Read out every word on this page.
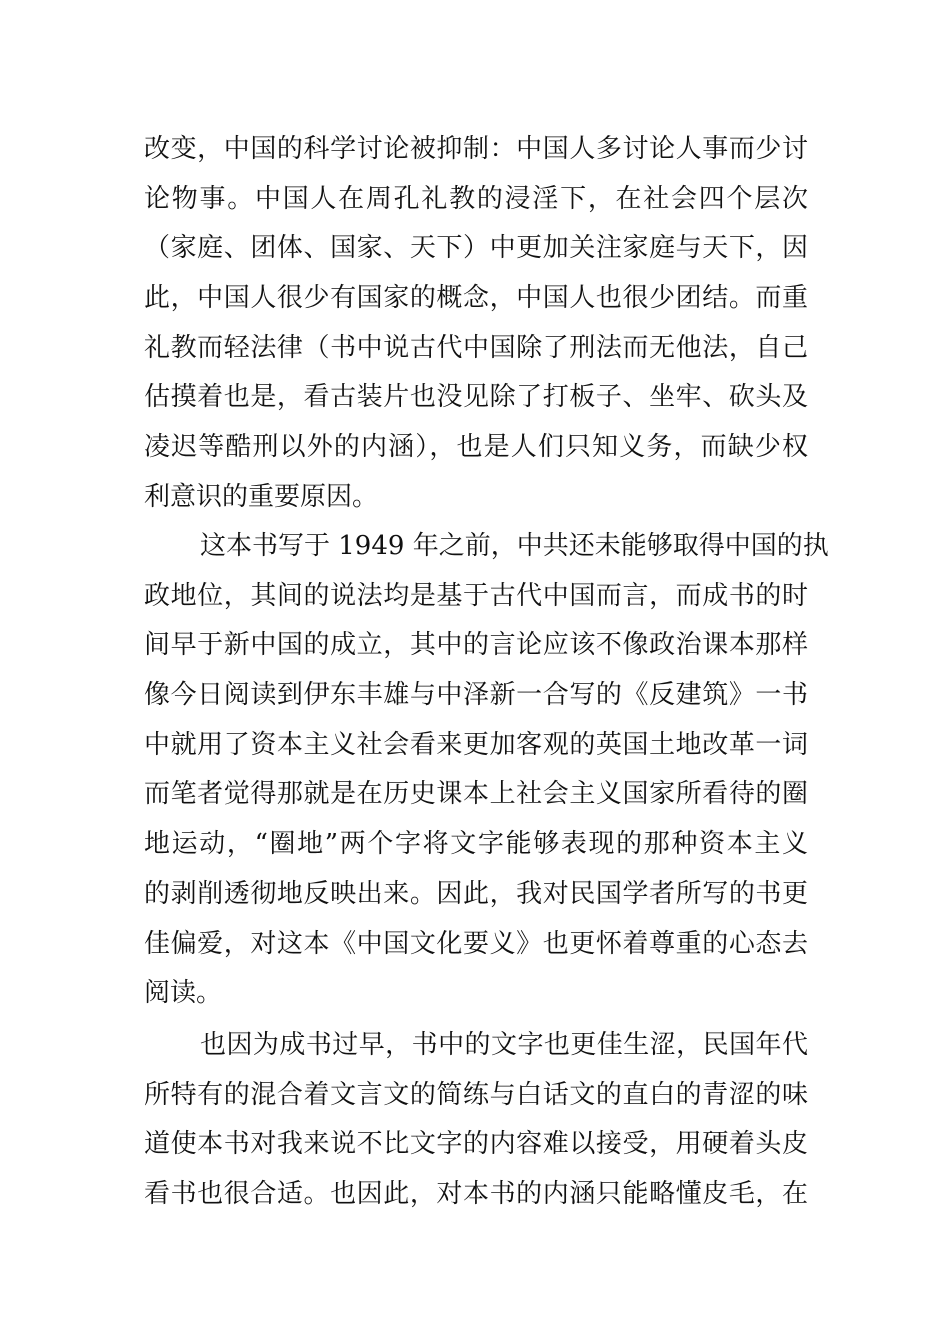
改变，中国的科学讨论被抑制：中国人多讨论人事而少讨
论物事。中国人在周孔礼教的浸淫下，在社会四个层次
（家庭、团体、国家、天下）中更加关注家庭与天下，因
此，中国人很少有国家的概念，中国人也很少团结。而重
礼教而轻法律（书中说古代中国除了刑法而无他法，自己
估摸着也是，看古装片也没见除了打板子、坐牢、砍头及
凌迟等酷刑以外的内涵），也是人们只知义务，而缺少权
利意识的重要原因。
这本书写于 1949 年之前，中共还未能够取得中国的执
政地位，其间的说法均是基于古代中国而言，而成书的时
间早于新中国的成立，其中的言论应该不像政治课本那样
像今日阅读到伊东丰雄与中泽新一合写的《反建筑》一书
中就用了资本主义社会看来更加客观的英国土地改革一词
而笔者觉得那就是在历史课本上社会主义国家所看待的圈
地运动，“圈地”两个字将文字能够表现的那种资本主义
的剥削透彻地反映出来。因此，我对民国学者所写的书更
佳偏爱，对这本《中国文化要义》也更怀着尊重的心态去
阅读。
也因为成书过早，书中的文字也更佳生涩，民国年代
所特有的混合着文言文的简练与白话文的直白的青涩的味
道使本书对我来说不比文字的内容难以接受，用硬着头皮
看书也很合适。也因此，对本书的内涵只能略懂皮毛，在
